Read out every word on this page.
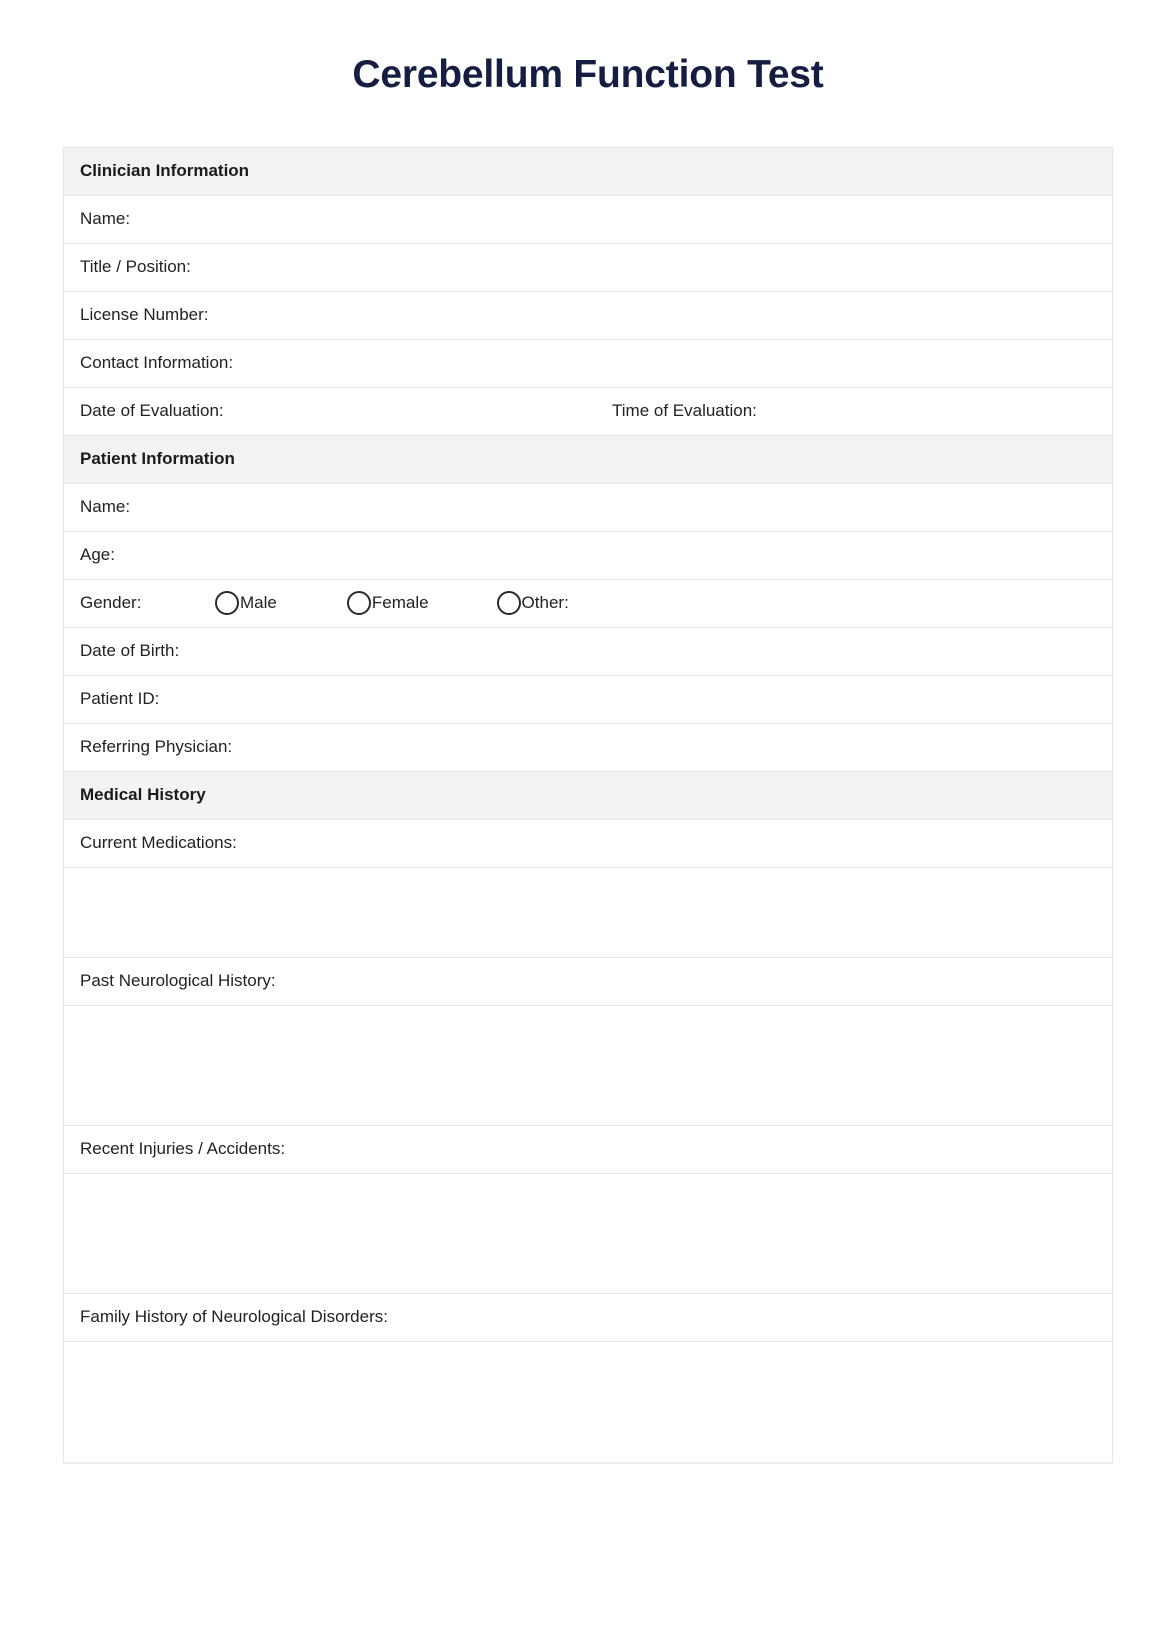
Cerebellum Function Test
Clinician Information
Name:
Title / Position:
License Number:
Contact Information:
Date of Evaluation:	Time of Evaluation:
Patient Information
Name:
Age:
Gender:	Male	Female	Other:
Date of Birth:
Patient ID:
Referring Physician:
Medical History
Current Medications:
Past Neurological History:
Recent Injuries / Accidents:
Family History of Neurological Disorders:
